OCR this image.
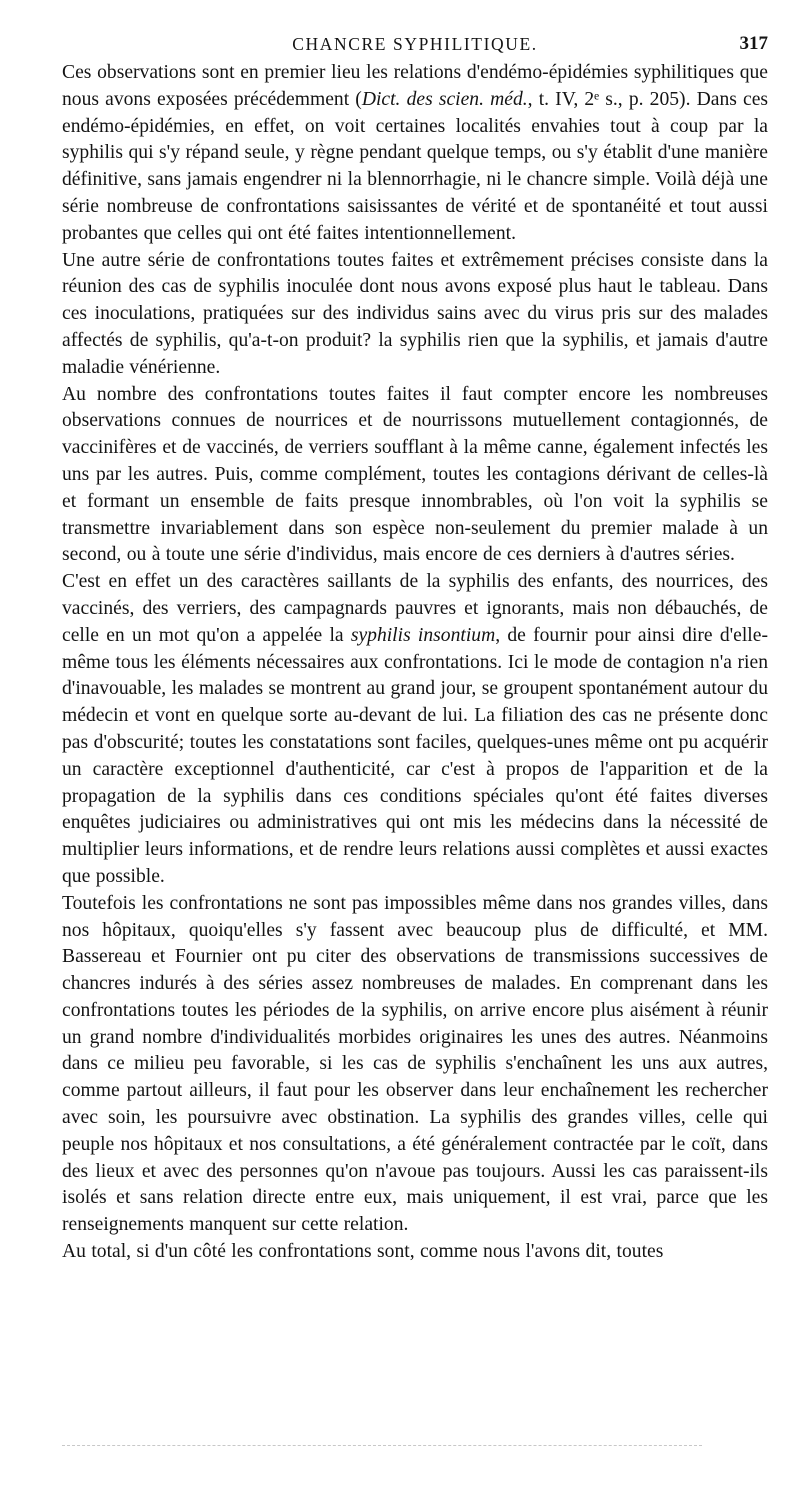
CHANCRE SYPHILITIQUE.	317

Ces observations sont en premier lieu les relations d'endémo-épidémies syphilitiques que nous avons exposées précédemment (Dict. des scien. méd., t. IV, 2ᵉ s., p. 205). Dans ces endémo-épidémies, en effet, on voit certaines localités envahies tout à coup par la syphilis qui s'y répand seule, y règne pendant quelque temps, ou s'y établit d'une manière définitive, sans jamais engendrer ni la blennorrhagie, ni le chancre simple. Voilà déjà une série nombreuse de confrontations saisissantes de vérité et de spontanéité et tout aussi probantes que celles qui ont été faites intentionnellement.

Une autre série de confrontations toutes faites et extrêmement précises consiste dans la réunion des cas de syphilis inoculée dont nous avons exposé plus haut le tableau. Dans ces inoculations, pratiquées sur des individus sains avec du virus pris sur des malades affectés de syphilis, qu'a-t-on produit? la syphilis rien que la syphilis, et jamais d'autre maladie vénérienne.

Au nombre des confrontations toutes faites il faut compter encore les nombreuses observations connues de nourrices et de nourrissons mutuellement contagionnés, de vaccinifères et de vaccinés, de verriers soufflant à la même canne, également infectés les uns par les autres. Puis, comme complément, toutes les contagions dérivant de celles-là et formant un ensemble de faits presque innombrables, où l'on voit la syphilis se transmettre invariablement dans son espèce non-seulement du premier malade à un second, ou à toute une série d'individus, mais encore de ces derniers à d'autres séries.

C'est en effet un des caractères saillants de la syphilis des enfants, des nourrices, des vaccinés, des verriers, des campagnards pauvres et ignorants, mais non débauchés, de celle en un mot qu'on a appelée la syphilis insontium, de fournir pour ainsi dire d'elle-même tous les éléments nécessaires aux confrontations. Ici le mode de contagion n'a rien d'inavouable, les malades se montrent au grand jour, se groupent spontanément autour du médecin et vont en quelque sorte au-devant de lui. La filiation des cas ne présente donc pas d'obscurité; toutes les constatations sont faciles, quelques-unes même ont pu acquérir un caractère exceptionnel d'authenticité, car c'est à propos de l'apparition et de la propagation de la syphilis dans ces conditions spéciales qu'ont été faites diverses enquêtes judiciaires ou administratives qui ont mis les médecins dans la nécessité de multiplier leurs informations, et de rendre leurs relations aussi complètes et aussi exactes que possible.

Toutefois les confrontations ne sont pas impossibles même dans nos grandes villes, dans nos hôpitaux, quoiqu'elles s'y fassent avec beaucoup plus de difficulté, et MM. Bassereau et Fournier ont pu citer des observations de transmissions successives de chancres indurés à des séries assez nombreuses de malades. En comprenant dans les confrontations toutes les périodes de la syphilis, on arrive encore plus aisément à réunir un grand nombre d'individualités morbides originaires les unes des autres. Néanmoins dans ce milieu peu favorable, si les cas de syphilis s'enchaînent les uns aux autres, comme partout ailleurs, il faut pour les observer dans leur enchaînement les rechercher avec soin, les poursuivre avec obstination. La syphilis des grandes villes, celle qui peuple nos hôpitaux et nos consultations, a été généralement contractée par le coït, dans des lieux et avec des personnes qu'on n'avoue pas toujours. Aussi les cas paraissent-ils isolés et sans relation directe entre eux, mais uniquement, il est vrai, parce que les renseignements manquent sur cette relation.

Au total, si d'un côté les confrontations sont, comme nous l'avons dit, toutes
